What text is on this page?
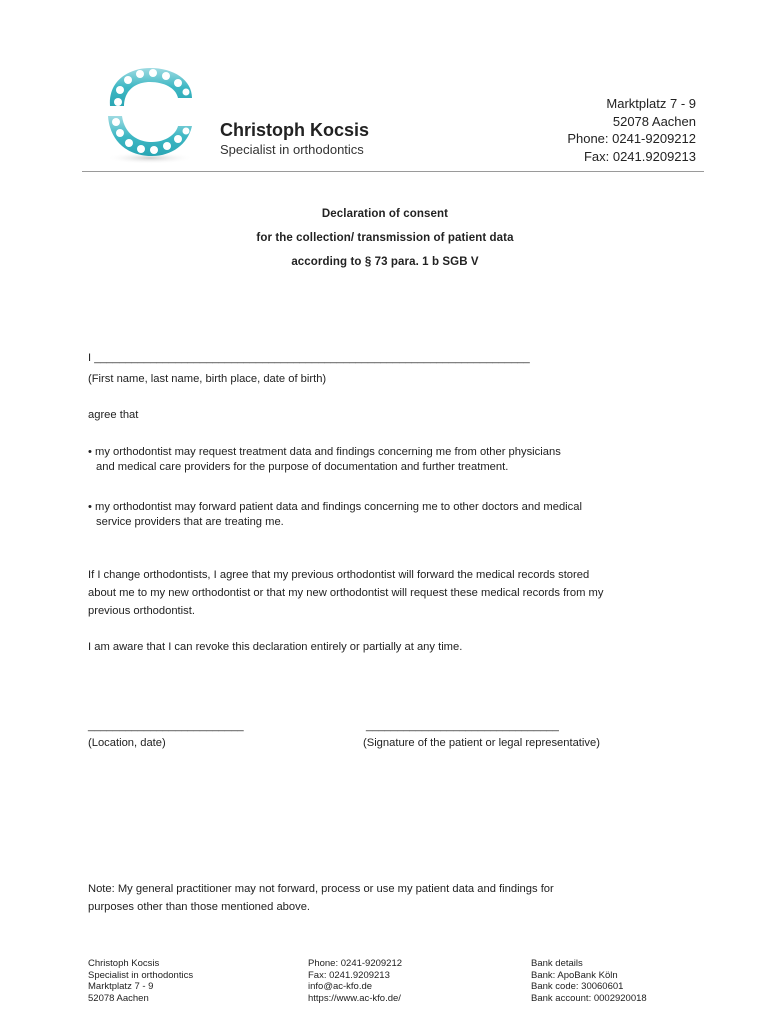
Christoph Kocsis
Specialist in orthodontics
Marktplatz 7 - 9
52078 Aachen
Phone: 0241-9209212
Fax: 0241.9209213
Declaration of consent
for the collection/ transmission of patient data
according to § 73 para. 1 b SGB V
I ______________________________________________________________________
(First name, last name, birth place, date of birth)
agree that
• my orthodontist may request treatment data and findings concerning me from other physicians
and medical care providers for the purpose of documentation and further treatment.
• my orthodontist may forward patient data and findings concerning me to other doctors and medical
service providers that are treating me.
If I change orthodontists, I agree that my previous orthodontist will forward the medical records stored
about me to my new orthodontist or that my new orthodontist will request these medical records from my
previous orthodontist.
I am aware that I can revoke this declaration entirely or partially at any time.
_________________________
(Location, date)
_______________________________
(Signature of the patient or legal representative)
Note: My general practitioner may not forward, process or use my patient data and findings for
purposes other than those mentioned above.
Christoph Kocsis
Specialist in orthodontics
Marktplatz 7 - 9
52078 Aachen
Phone: 0241-9209212
Fax: 0241.9209213
info@ac-kfo.de
https://www.ac-kfo.de/
Bank details
Bank: ApoBank Köln
Bank code: 30060601
Bank account: 0002920018
